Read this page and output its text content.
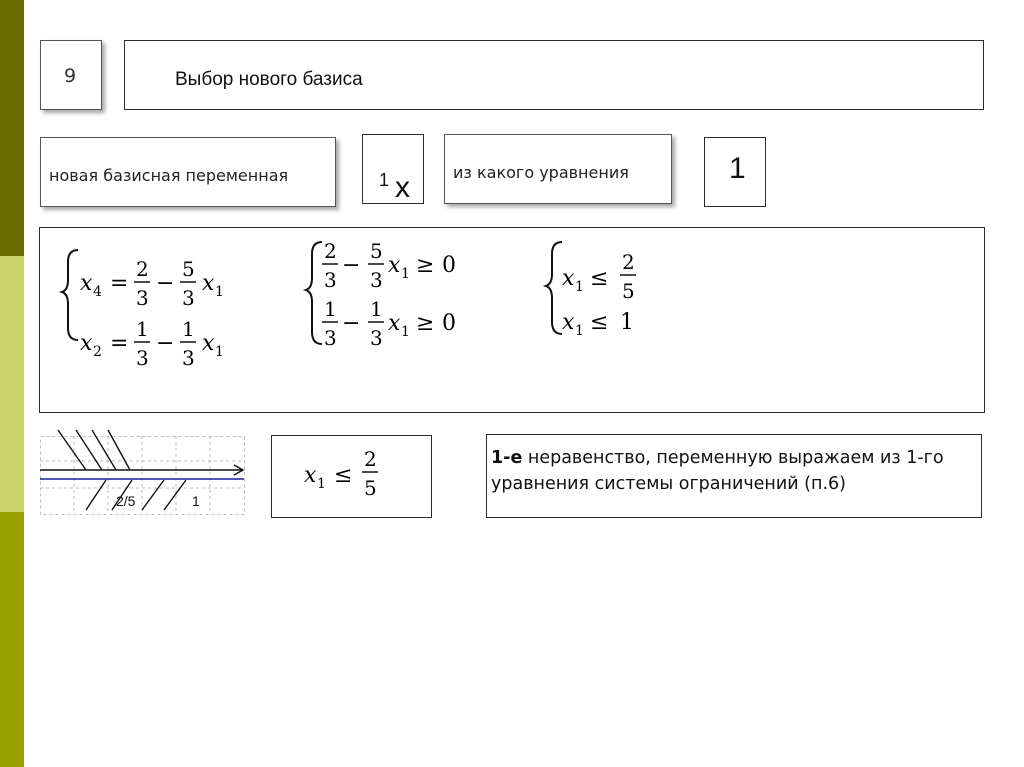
9	Выбор нового базиса
новая базисная переменная	x
$_1$	из какого уравнения	1
x 4 =
2
3
−
5
3
x 1
x 2 =
1
3
−
1
3
x 1
2
3
−
5
3
x 1 ≥ 0
1
3
−
1
3
x 1 ≥ 0
x 1 ≤
2
5
x 1 ≤ 1
2/5	1
x 1 ≤
2
5
1-е неравенство, переменную выражаем из 1-го уравнения системы ограничений (п.6)
